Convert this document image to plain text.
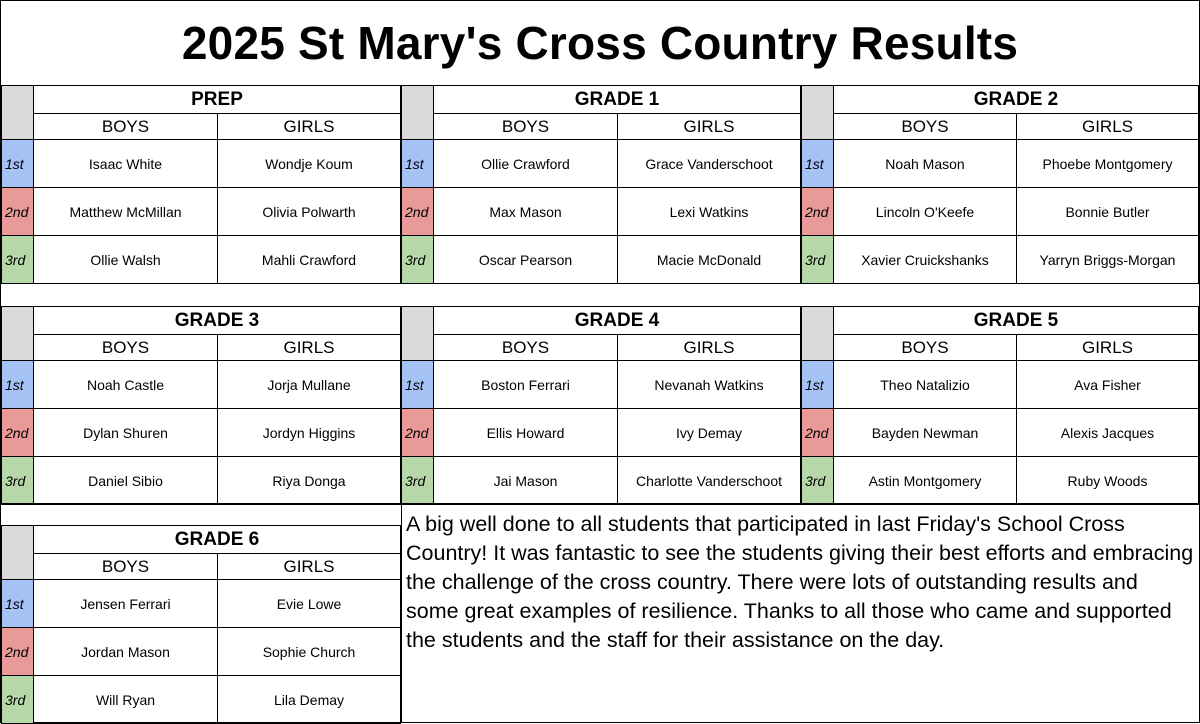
2025 St Mary's Cross Country Results
	PREP	
	BOYS	GIRLS
1st	Isaac White	Wondje Koum
2nd	Matthew McMillan	Olivia Polwarth
3rd	Ollie Walsh	Mahli Crawford
	GRADE 1	
	BOYS	GIRLS
1st	Ollie Crawford	Grace Vanderschoot
2nd	Max Mason	Lexi Watkins
3rd	Oscar Pearson	Macie McDonald
	GRADE 2	
	BOYS	GIRLS
1st	Noah Mason	Phoebe Montgomery
2nd	Lincoln O'Keefe	Bonnie Butler
3rd	Xavier Cruickshanks	Yarryn Briggs-Morgan
	GRADE 3	
	BOYS	GIRLS
1st	Noah Castle	Jorja Mullane
2nd	Dylan Shuren	Jordyn Higgins
3rd	Daniel Sibio	Riya Donga
	GRADE 4	
	BOYS	GIRLS
1st	Boston Ferrari	Nevanah Watkins
2nd	Ellis Howard	Ivy Demay
3rd	Jai Mason	Charlotte Vanderschoot
	GRADE 5	
	BOYS	GIRLS
1st	Theo Natalizio	Ava Fisher
2nd	Bayden Newman	Alexis Jacques
3rd	Astin Montgomery	Ruby Woods
	GRADE 6	
	BOYS	GIRLS
1st	Jensen Ferrari	Evie Lowe
2nd	Jordan Mason	Sophie Church
3rd	Will Ryan	Lila Demay
A big well done to all students that participated in last Friday's School Cross Country! It was fantastic to see the students giving their best efforts and embracing the challenge of the cross country. There were lots of outstanding results and some great examples of resilience. Thanks to all those who came and supported the students and the staff for their assistance on the day.
